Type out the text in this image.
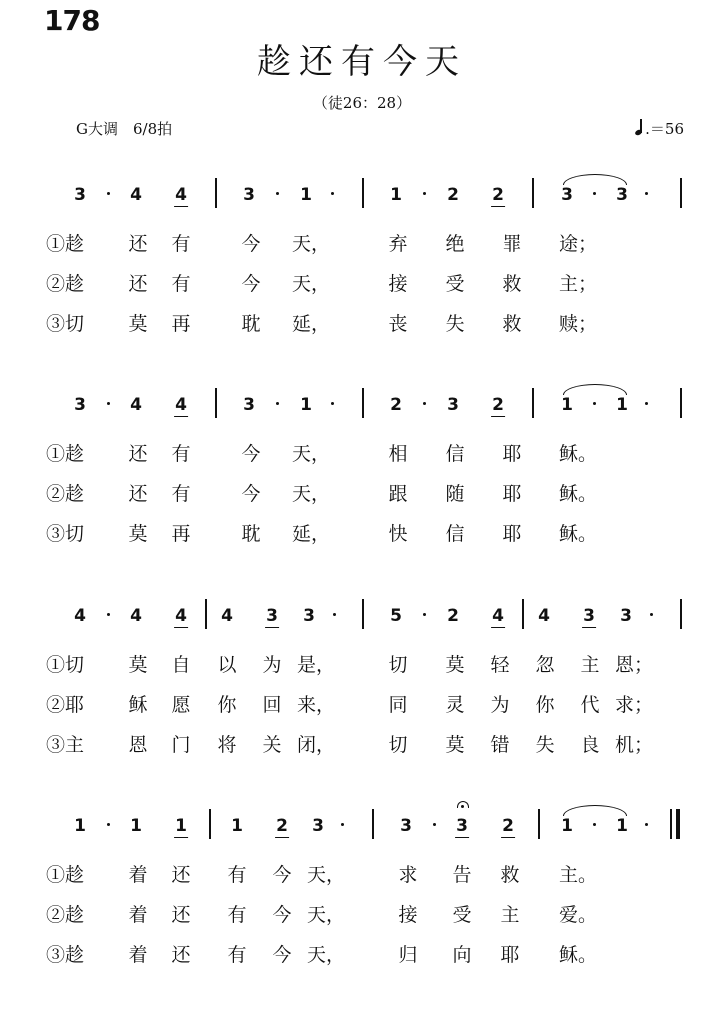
178
趁还有今天
（徒26：28）
G大调　6/8拍	.＝56
3	4 4	3	1	1	2 2	3	3
①趁 还 有	今 天，	弃 绝 罪 途；
②趁 还 有	今 天，	接 受 救 主；
③切 莫 再	耽 延，	丧 失 救 赎；
3	4 4	3	1	2	3 2	1	1
①趁 还 有	今 天，	相 信 耶 稣。
②趁 还 有	今 天，	跟 随 耶 稣。
③切 莫 再	耽 延，	快 信 耶 稣。
4	4 4 4 3 3	5	2 4 4 3 3
①切 莫 自 以 为 是，	切 莫 轻 忽 主 恩；
②耶 稣 愿 你 回 来，	同 灵 为 你 代 求；
③主 恩 门 将 关 闭，	切 莫 错 失 良 机；
1	1 1	1 2 3	3	3 2	1	1
①趁 着 还 有 今 天，	求 告 救 主。
②趁 着 还 有 今 天，	接 受 主 爱。
③趁 着 还 有 今 天，	归 向 耶 稣。
